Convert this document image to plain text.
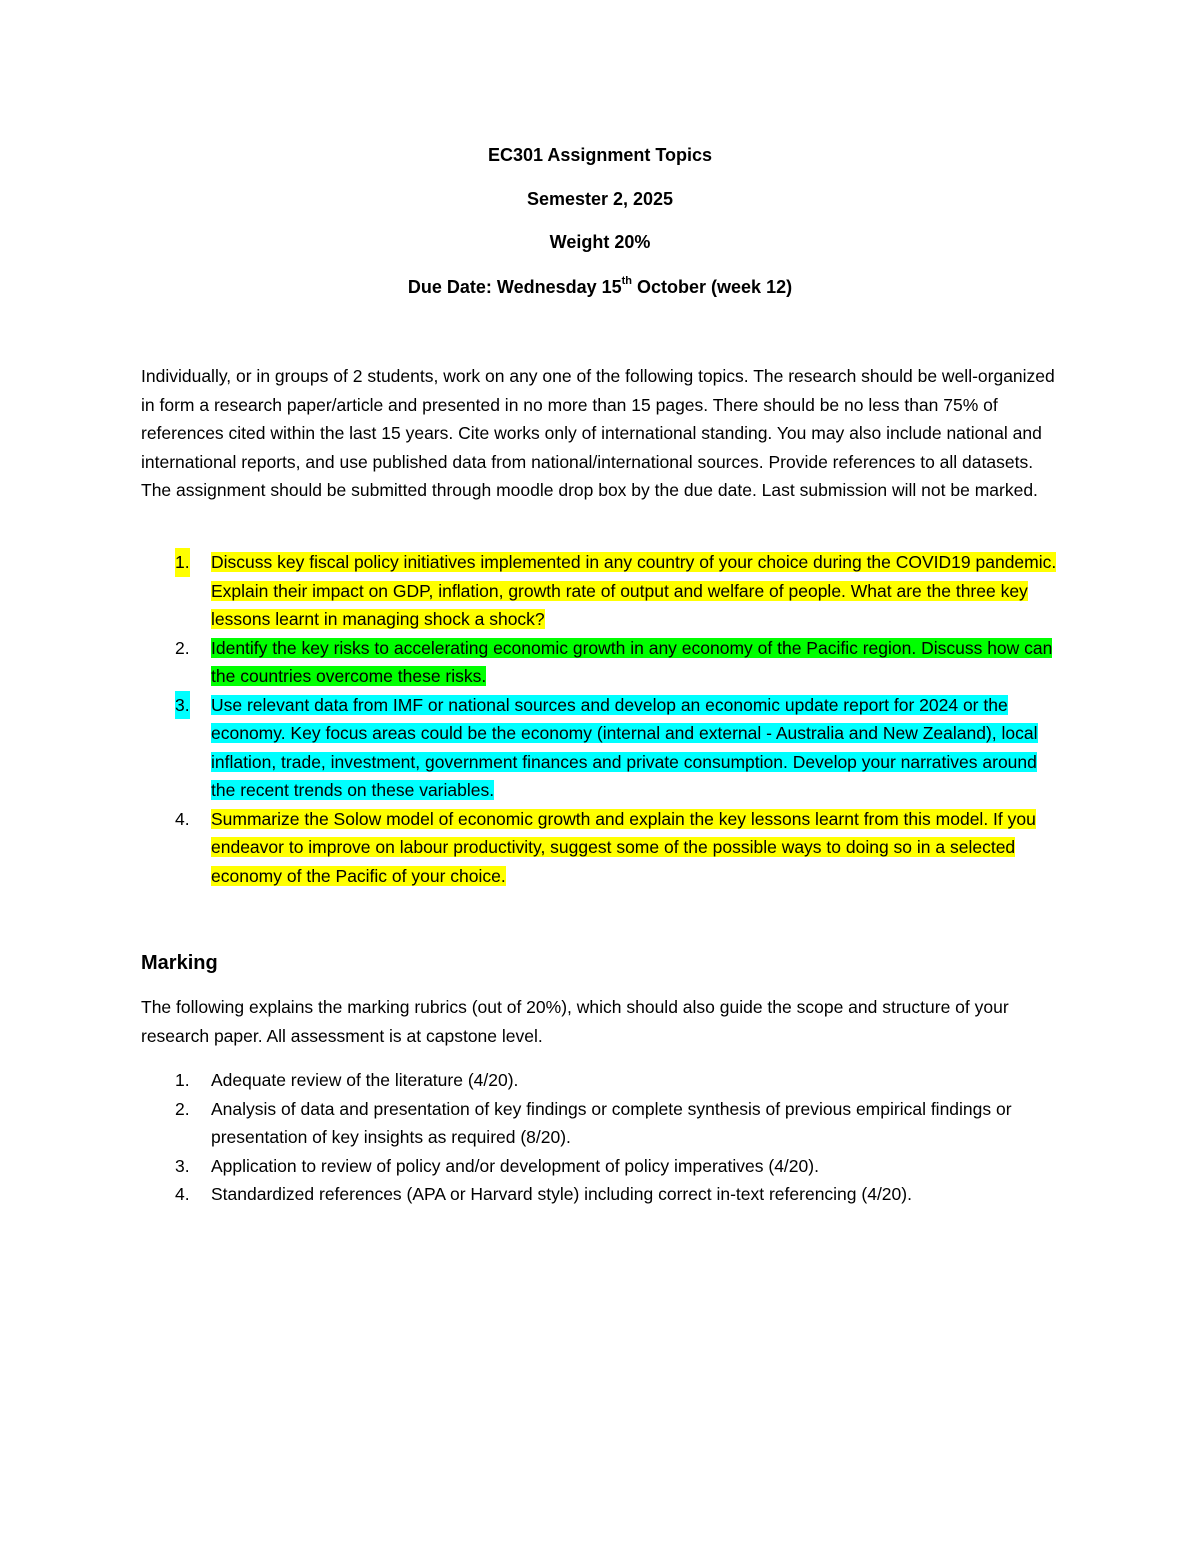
EC301 Assignment Topics
Semester 2, 2025
Weight 20%
Due Date: Wednesday 15th October (week 12)

Individually, or in groups of 2 students, work on any one of the following topics. The research should be well-organized in form a research paper/article and presented in no more than 15 pages. There should be no less than 75% of references cited within the last 15 years. Cite works only of international standing. You may also include national and international reports, and use published data from national/international sources. Provide references to all datasets. The assignment should be submitted through moodle drop box by the due date. Last submission will not be marked.

1. Discuss key fiscal policy initiatives implemented in any country of your choice during the COVID19 pandemic. Explain their impact on GDP, inflation, growth rate of output and welfare of people. What are the three key lessons learnt in managing shock a shock?
2. Identify the key risks to accelerating economic growth in any economy of the Pacific region. Discuss how can the countries overcome these risks.
3. Use relevant data from IMF or national sources and develop an economic update report for 2024 or the economy. Key focus areas could be the economy (internal and external - Australia and New Zealand), local inflation, trade, investment, government finances and private consumption. Develop your narratives around the recent trends on these variables.
4. Summarize the Solow model of economic growth and explain the key lessons learnt from this model. If you endeavor to improve on labour productivity, suggest some of the possible ways to doing so in a selected economy of the Pacific of your choice.
Marking

The following explains the marking rubrics (out of 20%), which should also guide the scope and structure of your research paper. All assessment is at capstone level.

1. Adequate review of the literature (4/20).
2. Analysis of data and presentation of key findings or complete synthesis of previous empirical findings or presentation of key insights as required (8/20).
3. Application to review of policy and/or development of policy imperatives (4/20).
4. Standardized references (APA or Harvard style) including correct in-text referencing (4/20).
